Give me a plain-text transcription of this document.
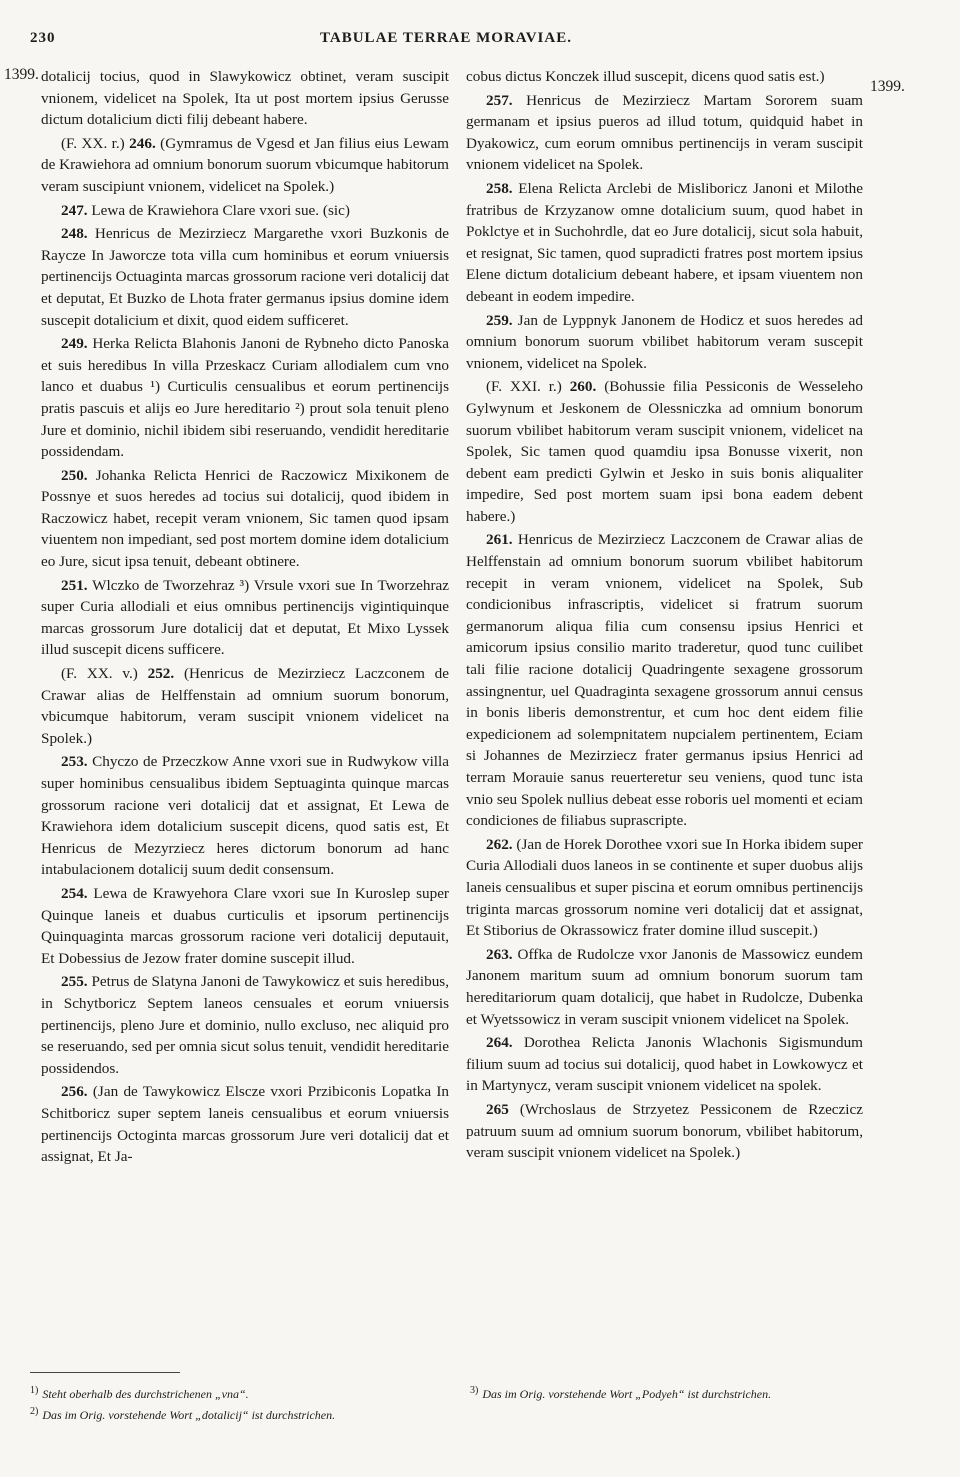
230	TABULAE TERRAE MORAVIAE.
1399.
1399.

dotalicij tocius, quod in Slawykowicz obtinet, veram suscipit vnionem, videlicet na Spolek, Ita ut post mortem ipsius Gerusse dictum dotalicium dicti filij debeant habere.

(F. XX. r.) 246. (Gymramus de Vgesd et Jan filius eius Lewam de Krawiehora ad omnium bonorum suorum vbicumque habitorum veram suscipiunt vnionem, videlicet na Spolek.)

247. Lewa de Krawiehora Clare vxori sue. (sic)

248. Henricus de Mezirziecz Margarethe vxori Buzkonis de Raycze In Jaworcze tota villa cum hominibus et eorum vniuersis pertinencijs Octuaginta marcas grossorum racione veri dotalicij dat et deputat, Et Buzko de Lhota frater germanus ipsius domine idem suscepit dotalicium et dixit, quod eidem sufficeret.

249. Herka Relicta Blahonis Janoni de Rybneho dicto Panoska et suis heredibus In villa Przeskacz Curiam allodialem cum vno lanco et duabus ¹) Curticulis censualibus et eorum pertinencijs pratis pascuis et alijs eo Jure hereditario ²) prout sola tenuit pleno Jure et dominio, nichil ibidem sibi reseruando, vendidit hereditarie possidendam.

250. Johanka Relicta Henrici de Raczowicz Mixikonem de Possnye et suos heredes ad tocius sui dotalicij, quod ibidem in Raczowicz habet, recepit veram vnionem, Sic tamen quod ipsam viuentem non impediant, sed post mortem domine idem dotalicium eo Jure, sicut ipsa tenuit, debeant obtinere.

251. Wlczko de Tworzehraz ³) Vrsule vxori sue In Tworzehraz super Curia allodiali et eius omnibus pertinencijs vigintiquinque marcas grossorum Jure dotalicij dat et deputat, Et Mixo Lyssek illud suscepit dicens sufficere.

(F. XX. v.) 252. (Henricus de Mezirziecz Laczconem de Crawar alias de Helffenstain ad omnium suorum bonorum, vbicumque habitorum, veram suscipit vnionem videlicet na Spolek.)

253. Chyczo de Przeczkow Anne vxori sue in Rudwykow villa super hominibus censualibus ibidem Septuaginta quinque marcas grossorum racione veri dotalicij dat et assignat, Et Lewa de Krawiehora idem dotalicium suscepit dicens, quod satis est, Et Henricus de Mezyrziecz heres dictorum bonorum ad hanc intabulacionem dotalicij suum dedit consensum.

254. Lewa de Krawyehora Clare vxori sue In Kuroslep super Quinque laneis et duabus curticulis et ipsorum pertinencijs Quinquaginta marcas grossorum racione veri dotalicij deputauit, Et Dobessius de Jezow frater domine suscepit illud.

255. Petrus de Slatyna Janoni de Tawykowicz et suis heredibus, in Schytboricz Septem laneos censuales et eorum vniuersis pertinencijs, pleno Jure et dominio, nullo excluso, nec aliquid pro se reseruando, sed per omnia sicut solus tenuit, vendidit hereditarie possidendos.

256. (Jan de Tawykowicz Elscze vxori Przibiconis Lopatka In Schitboricz super septem laneis censualibus et eorum vniuersis pertinencijs Octoginta marcas grossorum Jure veri dotalicij dat et assignat, Et Ja-

cobus dictus Konczek illud suscepit, dicens quod satis est.)

257. Henricus de Mezirziecz Martam Sororem suam germanam et ipsius pueros ad illud totum, quidquid habet in Dyakowicz, cum eorum omnibus pertinencijs in veram suscipit vnionem videlicet na Spolek.

258. Elena Relicta Arclebi de Misliboricz Janoni et Milothe fratribus de Krzyzanow omne dotalicium suum, quod habet in Poklctye et in Suchohrdle, dat eo Jure dotalicij, sicut sola habuit, et resignat, Sic tamen, quod supradicti fratres post mortem ipsius Elene dictum dotalicium debeant habere, et ipsam viuentem non debeant in eodem impedire.

259. Jan de Lyppnyk Janonem de Hodicz et suos heredes ad omnium bonorum suorum vbilibet habitorum veram suscepit vnionem, videlicet na Spolek.

(F. XXI. r.) 260. (Bohussie filia Pessiconis de Wesseleho Gylwynum et Jeskonem de Olessniczka ad omnium bonorum suorum vbilibet habitorum veram suscipit vnionem, videlicet na Spolek, Sic tamen quod quamdiu ipsa Bonusse vixerit, non debent eam predicti Gylwin et Jesko in suis bonis aliqualiter impedire, Sed post mortem suam ipsi bona eadem debent habere.)

261. Henricus de Mezirziecz Laczconem de Crawar alias de Helffenstain ad omnium bonorum suorum vbilibet habitorum recepit in veram vnionem, videlicet na Spolek, Sub condicionibus infrascriptis, videlicet si fratrum suorum germanorum aliqua filia cum consensu ipsius Henrici et amicorum ipsius consilio marito traderetur, quod tunc cuilibet tali filie racione dotalicij Quadringente sexagene grossorum assingnentur, uel Quadraginta sexagene grossorum annui census in bonis liberis demonstrentur, et cum hoc dent eidem filie expedicionem ad solempnitatem nupcialem pertinentem, Eciam si Johannes de Mezirziecz frater germanus ipsius Henrici ad terram Morauie sanus reuerteretur seu veniens, quod tunc ista vnio seu Spolek nullius debeat esse roboris uel momenti et eciam condiciones de filiabus suprascripte.

262. (Jan de Horek Dorothee vxori sue In Horka ibidem super Curia Allodiali duos laneos in se continente et super duobus alijs laneis censualibus et super piscina et eorum omnibus pertinencijs triginta marcas grossorum nomine veri dotalicij dat et assignat, Et Stiborius de Okrassowicz frater domine illud suscepit.)

263. Offka de Rudolcze vxor Janonis de Massowicz eundem Janonem maritum suum ad omnium bonorum suorum tam hereditariorum quam dotalicij, que habet in Rudolcze, Dubenka et Wyetssowicz in veram suscipit vnionem videlicet na Spolek.

264. Dorothea Relicta Janonis Wlachonis Sigismundum filium suum ad tocius sui dotalicij, quod habet in Lowkowycz et in Martynycz, veram suscipit vnionem videlicet na spolek.

265 (Wrchoslaus de Strzyetez Pessiconem de Rzeczicz patruum suum ad omnium suorum bonorum, vbilibet habitorum, veram suscipit vnionem videlicet na Spolek.)

$^{1)}$ Steht oberhalb des durchstrichenen „vna“.
$^{2)}$ Das im Orig. vorstehende Wort „dotalicij“ ist durchstrichen.
$^{3)}$ Das im Orig. vorstehende Wort „Podyeh“ ist durchstrichen.
